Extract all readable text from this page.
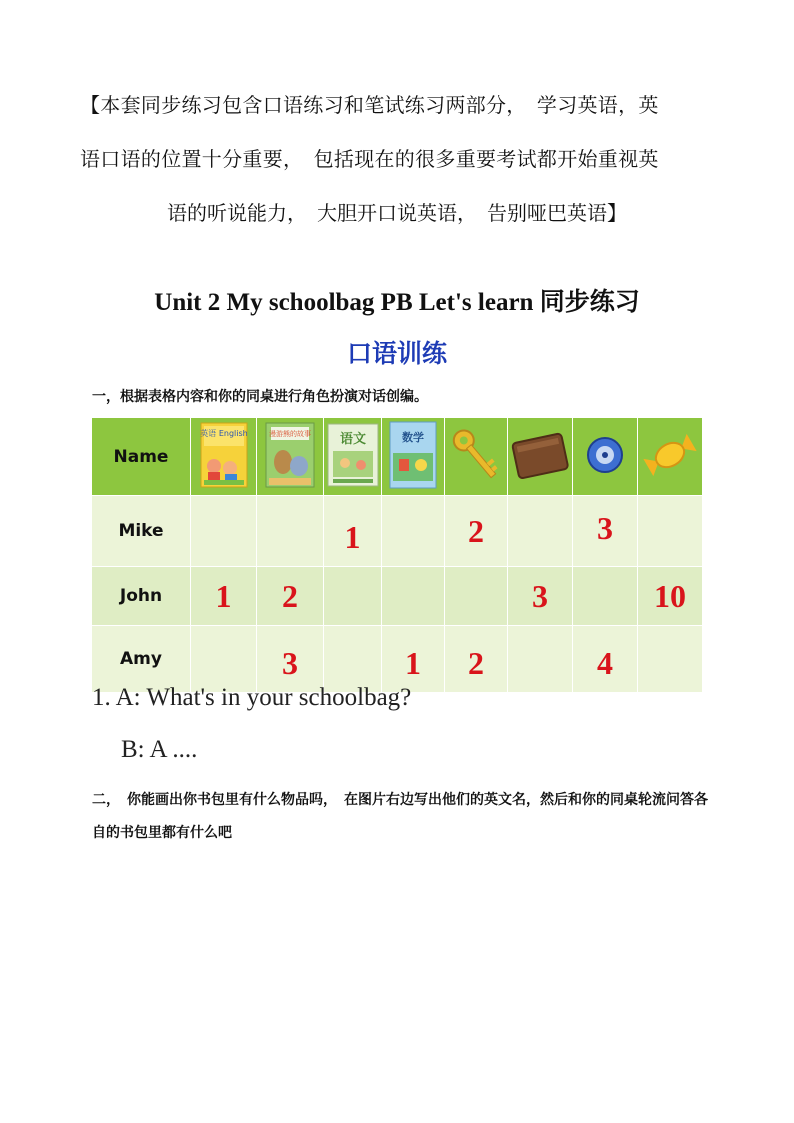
【本套同步练习包含口语练习和笔试练习两部分，　学习英语，英
语口语的位置十分重要，　包括现在的很多重要考试都开始重视英
语的听说能力，　大胆开口说英语，　告别哑巴英语】
Unit 2 My schoolbag PB Let's learn 同步练习
口语训练
一，根据表格内容和你的同桌进行角色扮演对话创编。
Name	英语 English	漫游熊的故事	语文	数学

Mike			1		2		3	
John	1	2				3		10
Amy		3		1	2		4	
1. A: What's in your schoolbag?
B: A ....
二，　你能画出你书包里有什么物品吗，　在图片右边写出他们的英文名，然后和你的同桌轮流问答各自的书包里都有什么吧
